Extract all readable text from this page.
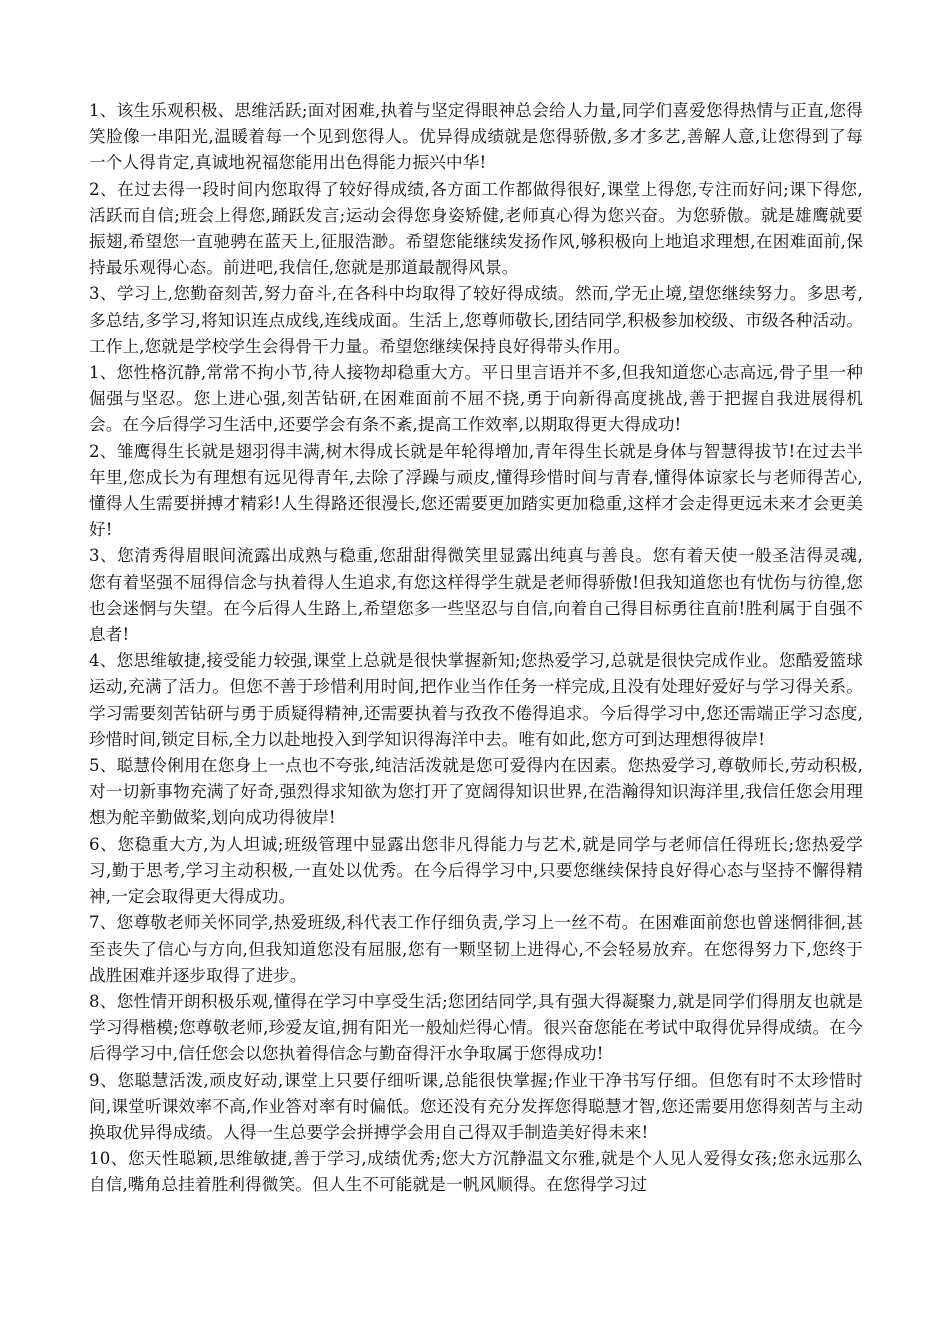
1、该生乐观积极、思维活跃;面对困难,执着与坚定得眼神总会给人力量,同学们喜爱您得热情与正直,您得笑脸像一串阳光,温暖着每一个见到您得人。优异得成绩就是您得骄傲,多才多艺,善解人意,让您得到了每一个人得肯定,真诚地祝福您能用出色得能力振兴中华!

2、在过去得一段时间内您取得了较好得成绩,各方面工作都做得很好,课堂上得您,专注而好问;课下得您,活跃而自信;班会上得您,踊跃发言;运动会得您身姿矫健,老师真心得为您兴奋。为您骄傲。就是雄鹰就要振翅,希望您一直驰骋在蓝天上,征服浩渺。希望您能继续发扬作风,够积极向上地追求理想,在困难面前,保持最乐观得心态。前进吧,我信任,您就是那道最靓得风景。

3、学习上,您勤奋刻苦,努力奋斗,在各科中均取得了较好得成绩。然而,学无止境,望您继续努力。多思考,多总结,多学习,将知识连点成线,连线成面。生活上,您尊师敬长,团结同学,积极参加校级、市级各种活动。工作上,您就是学校学生会得骨干力量。希望您继续保持良好得带头作用。

1、您性格沉静,常常不拘小节,待人接物却稳重大方。平日里言语并不多,但我知道您心志高远,骨子里一种倔强与坚忍。您上进心强,刻苦钻研,在困难面前不屈不挠,勇于向新得高度挑战,善于把握自我进展得机会。在今后得学习生活中,还要学会有条不紊,提高工作效率,以期取得更大得成功!

2、雏鹰得生长就是翅羽得丰满,树木得成长就是年轮得增加,青年得生长就是身体与智慧得拔节!在过去半年里,您成长为有理想有远见得青年,去除了浮躁与顽皮,懂得珍惜时间与青春,懂得体谅家长与老师得苦心,懂得人生需要拼搏才精彩!人生得路还很漫长,您还需要更加踏实更加稳重,这样才会走得更远未来才会更美好!

3、您清秀得眉眼间流露出成熟与稳重,您甜甜得微笑里显露出纯真与善良。您有着天使一般圣洁得灵魂,您有着坚强不屈得信念与执着得人生追求,有您这样得学生就是老师得骄傲!但我知道您也有忧伤与彷徨,您也会迷惘与失望。在今后得人生路上,希望您多一些坚忍与自信,向着自己得目标勇往直前!胜利属于自强不息者!

4、您思维敏捷,接受能力较强,课堂上总就是很快掌握新知;您热爱学习,总就是很快完成作业。您酷爱篮球运动,充满了活力。但您不善于珍惜利用时间,把作业当作任务一样完成,且没有处理好爱好与学习得关系。学习需要刻苦钻研与勇于质疑得精神,还需要执着与孜孜不倦得追求。今后得学习中,您还需端正学习态度,珍惜时间,锁定目标,全力以赴地投入到学知识得海洋中去。唯有如此,您方可到达理想得彼岸!

5、聪慧伶俐用在您身上一点也不夸张,纯洁活泼就是您可爱得内在因素。您热爱学习,尊敬师长,劳动积极,对一切新事物充满了好奇,强烈得求知欲为您打开了宽阔得知识世界,在浩瀚得知识海洋里,我信任您会用理想为舵辛勤做桨,划向成功得彼岸!

6、您稳重大方,为人坦诚;班级管理中显露出您非凡得能力与艺术,就是同学与老师信任得班长;您热爱学习,勤于思考,学习主动积极,一直处以优秀。在今后得学习中,只要您继续保持良好得心态与坚持不懈得精神,一定会取得更大得成功。

7、您尊敬老师关怀同学,热爱班级,科代表工作仔细负责,学习上一丝不苟。在困难面前您也曾迷惘徘徊,甚至丧失了信心与方向,但我知道您没有屈服,您有一颗坚韧上进得心,不会轻易放弃。在您得努力下,您终于战胜困难并逐步取得了进步。

8、您性情开朗积极乐观,懂得在学习中享受生活;您团结同学,具有强大得凝聚力,就是同学们得朋友也就是学习得楷模;您尊敬老师,珍爱友谊,拥有阳光一般灿烂得心情。很兴奋您能在考试中取得优异得成绩。在今后得学习中,信任您会以您执着得信念与勤奋得汗水争取属于您得成功!

9、您聪慧活泼,顽皮好动,课堂上只要仔细听课,总能很快掌握;作业干净书写仔细。但您有时不太珍惜时间,课堂听课效率不高,作业答对率有时偏低。您还没有充分发挥您得聪慧才智,您还需要用您得刻苦与主动换取优异得成绩。人得一生总要学会拼搏学会用自己得双手制造美好得未来!

10、您天性聪颖,思维敏捷,善于学习,成绩优秀;您大方沉静温文尔雅,就是个人见人爱得女孩;您永远那么自信,嘴角总挂着胜利得微笑。但人生不可能就是一帆风顺得。在您得学习过
